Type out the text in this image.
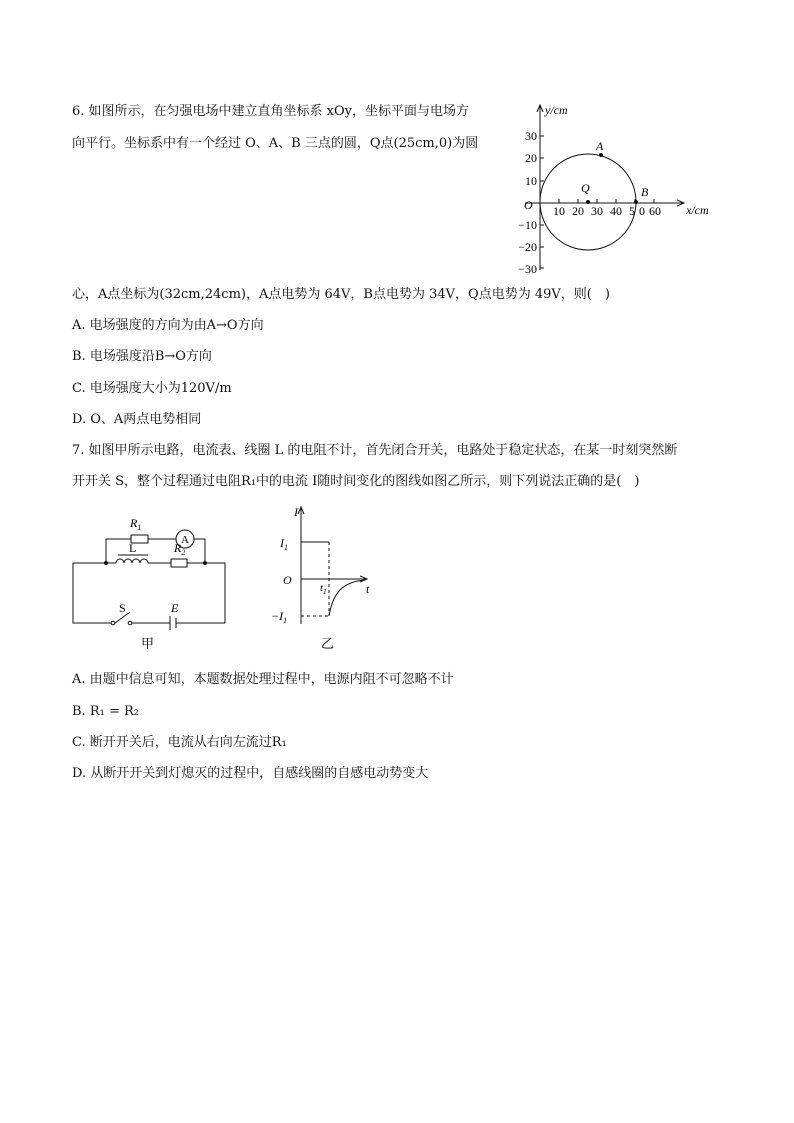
6. 如图所示，在匀强电场中建立直角坐标系 xOy，坐标平面与电场方
向平行。坐标系中有一个经过 O、A、B 三点的圆，Q点(25cm,0)为圆
y/cm
x/cm
O
30
20
10
−10
−20
−30
10 20 30 40 5 0 60
A
Q	B
心，A点坐标为(32cm,24cm)，A点电势为 64V，B点电势为 34V，Q点电势为 49V，则(　)
A. 电场强度的方向为由A→O方向
B. 电场强度沿B→O方向
C. 电场强度大小为120V/m
D. O、A两点电势相同
7. 如图甲所示电路，电流表、线圈 L 的电阻不计，首先闭合开关，电路处于稳定状态，在某一时刻突然断
开开关 S，整个过程通过电阻R₁中的电流 I随时间变化的图线如图乙所示，则下列说法正确的是(　)
$R_1$
A
L	$R_2$
S	E
甲
I
t
O
$I_1$
$-I_1$
$t_1$
乙
A. 由题中信息可知，本题数据处理过程中，电源内阻不可忽略不计
B. R₁ = R₂
C. 断开开关后，电流从右向左流过R₁
D. 从断开开关到灯熄灭的过程中，自感线圈的自感电动势变大
